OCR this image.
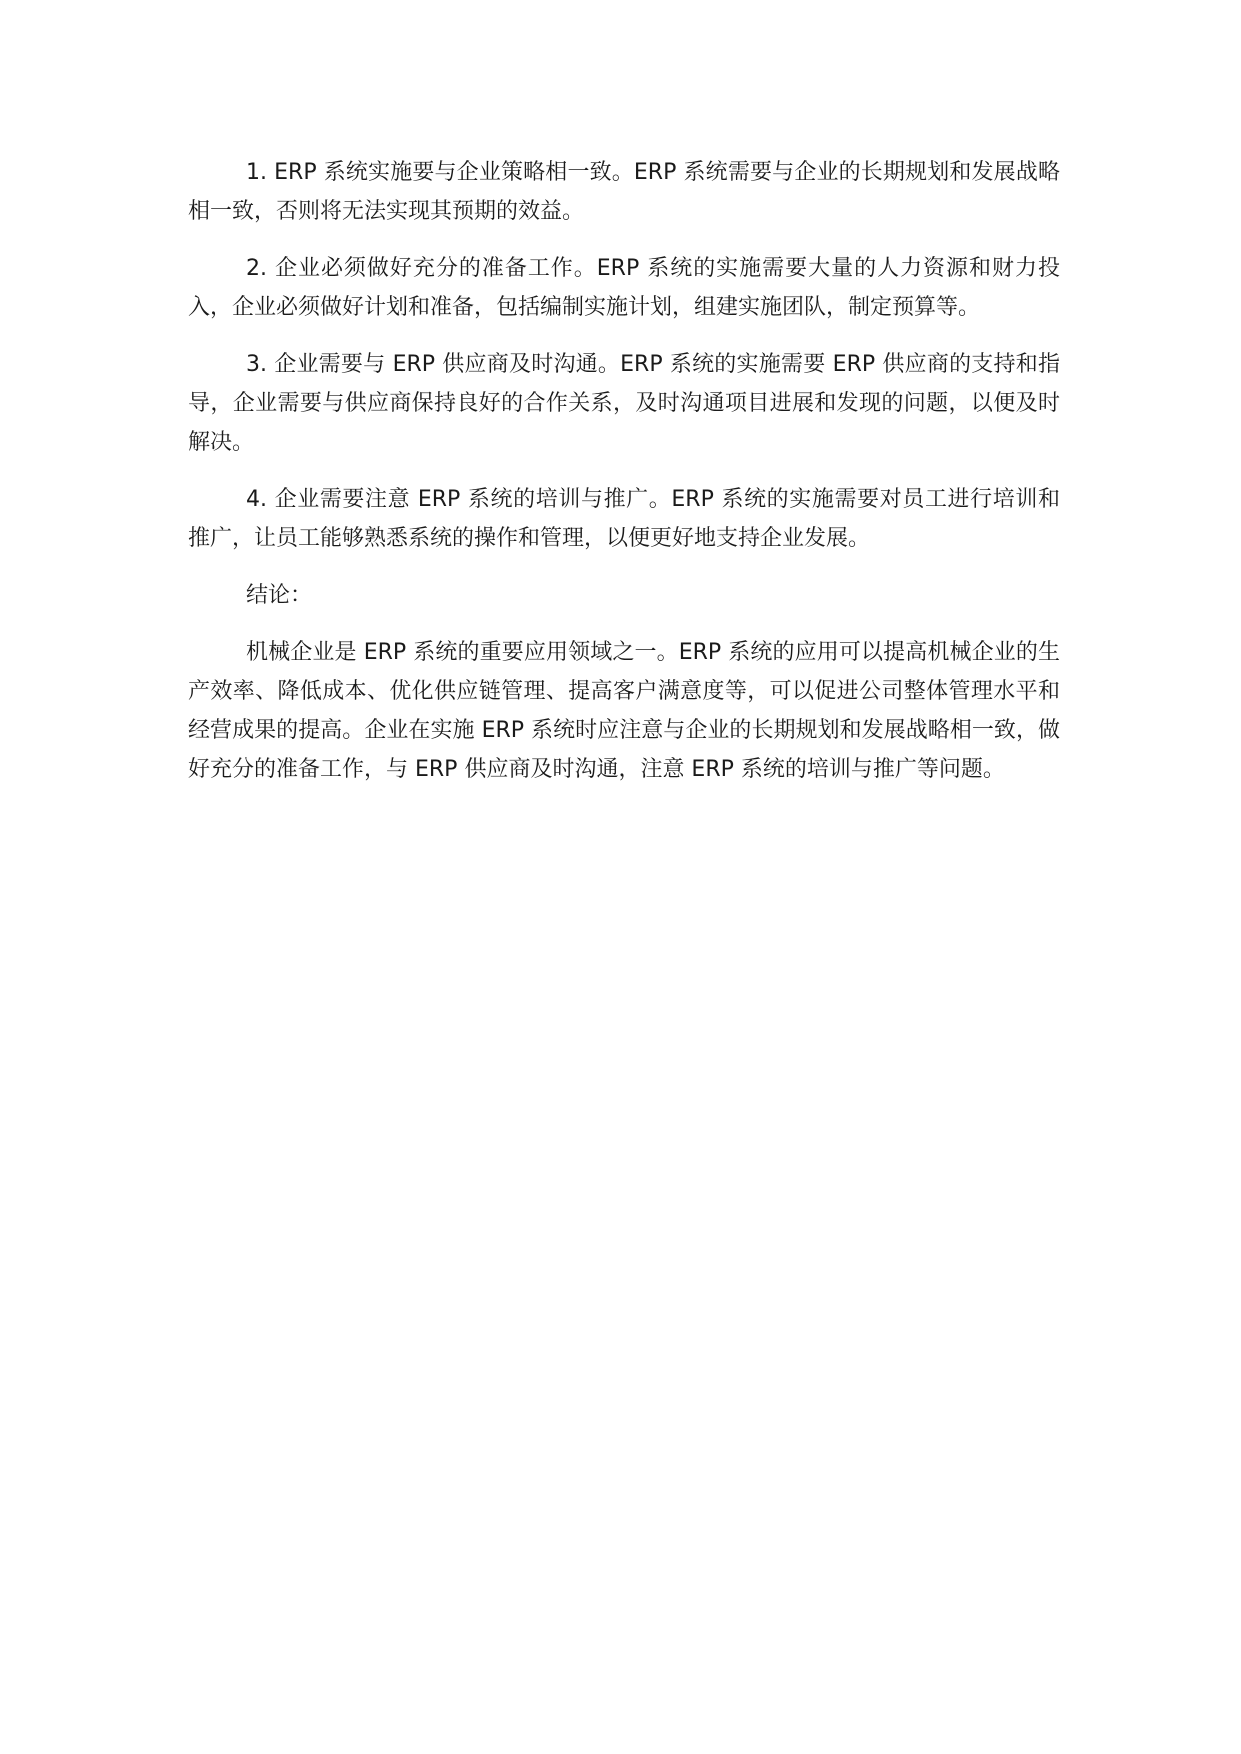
1. ERP 系统实施要与企业策略相一致。ERP 系统需要与企业的长期规划和发展战略相一致，否则将无法实现其预期的效益。

2. 企业必须做好充分的准备工作。ERP 系统的实施需要大量的人力资源和财力投入，企业必须做好计划和准备，包括编制实施计划，组建实施团队，制定预算等。

3. 企业需要与 ERP 供应商及时沟通。ERP 系统的实施需要 ERP 供应商的支持和指导，企业需要与供应商保持良好的合作关系，及时沟通项目进展和发现的问题，以便及时解决。

4. 企业需要注意 ERP 系统的培训与推广。ERP 系统的实施需要对员工进行培训和推广，让员工能够熟悉系统的操作和管理，以便更好地支持企业发展。

结论：

机械企业是 ERP 系统的重要应用领域之一。ERP 系统的应用可以提高机械企业的生产效率、降低成本、优化供应链管理、提高客户满意度等，可以促进公司整体管理水平和经营成果的提高。企业在实施 ERP 系统时应注意与企业的长期规划和发展战略相一致，做好充分的准备工作，与 ERP 供应商及时沟通，注意 ERP 系统的培训与推广等问题。
